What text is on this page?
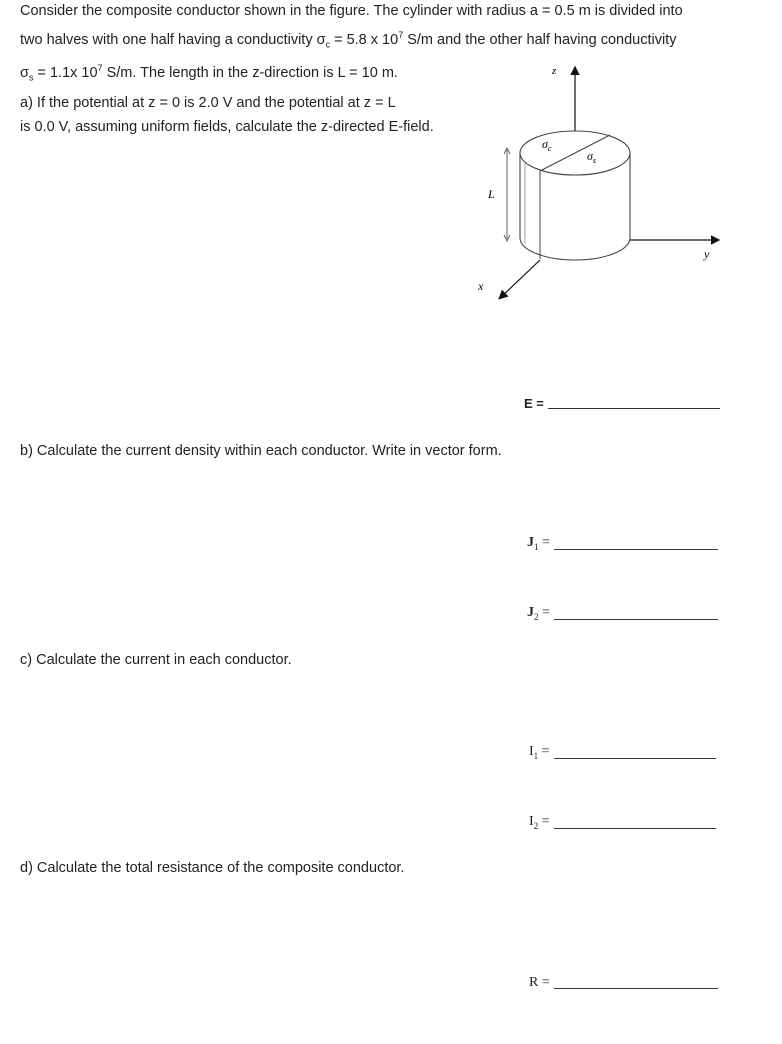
Consider the composite conductor shown in the figure. The cylinder with radius a = 0.5 m is divided into

two halves with one half having a conductivity $\sigma_c = 5.8$ x $10^7$ S/m and the other half having conductivity

$\sigma_s = 1.1x$ $10^7$ S/m. The length in the z-direction is L = 10 m.

a) If the potential at z = 0 is 2.0 V and the potential at z = L
is 0.0 V, assuming uniform fields, calculate the z-directed E-field.
b) Calculate the current density within each conductor. Write in vector form.
c) Calculate the current in each conductor.
d) Calculate the total resistance of the composite conductor.
E =
$J_1$ =
$J_2$ =
$I_1$ =
$I_2$ =
R =
z
y
x
$\sigma_c$
$\sigma_s$
L
